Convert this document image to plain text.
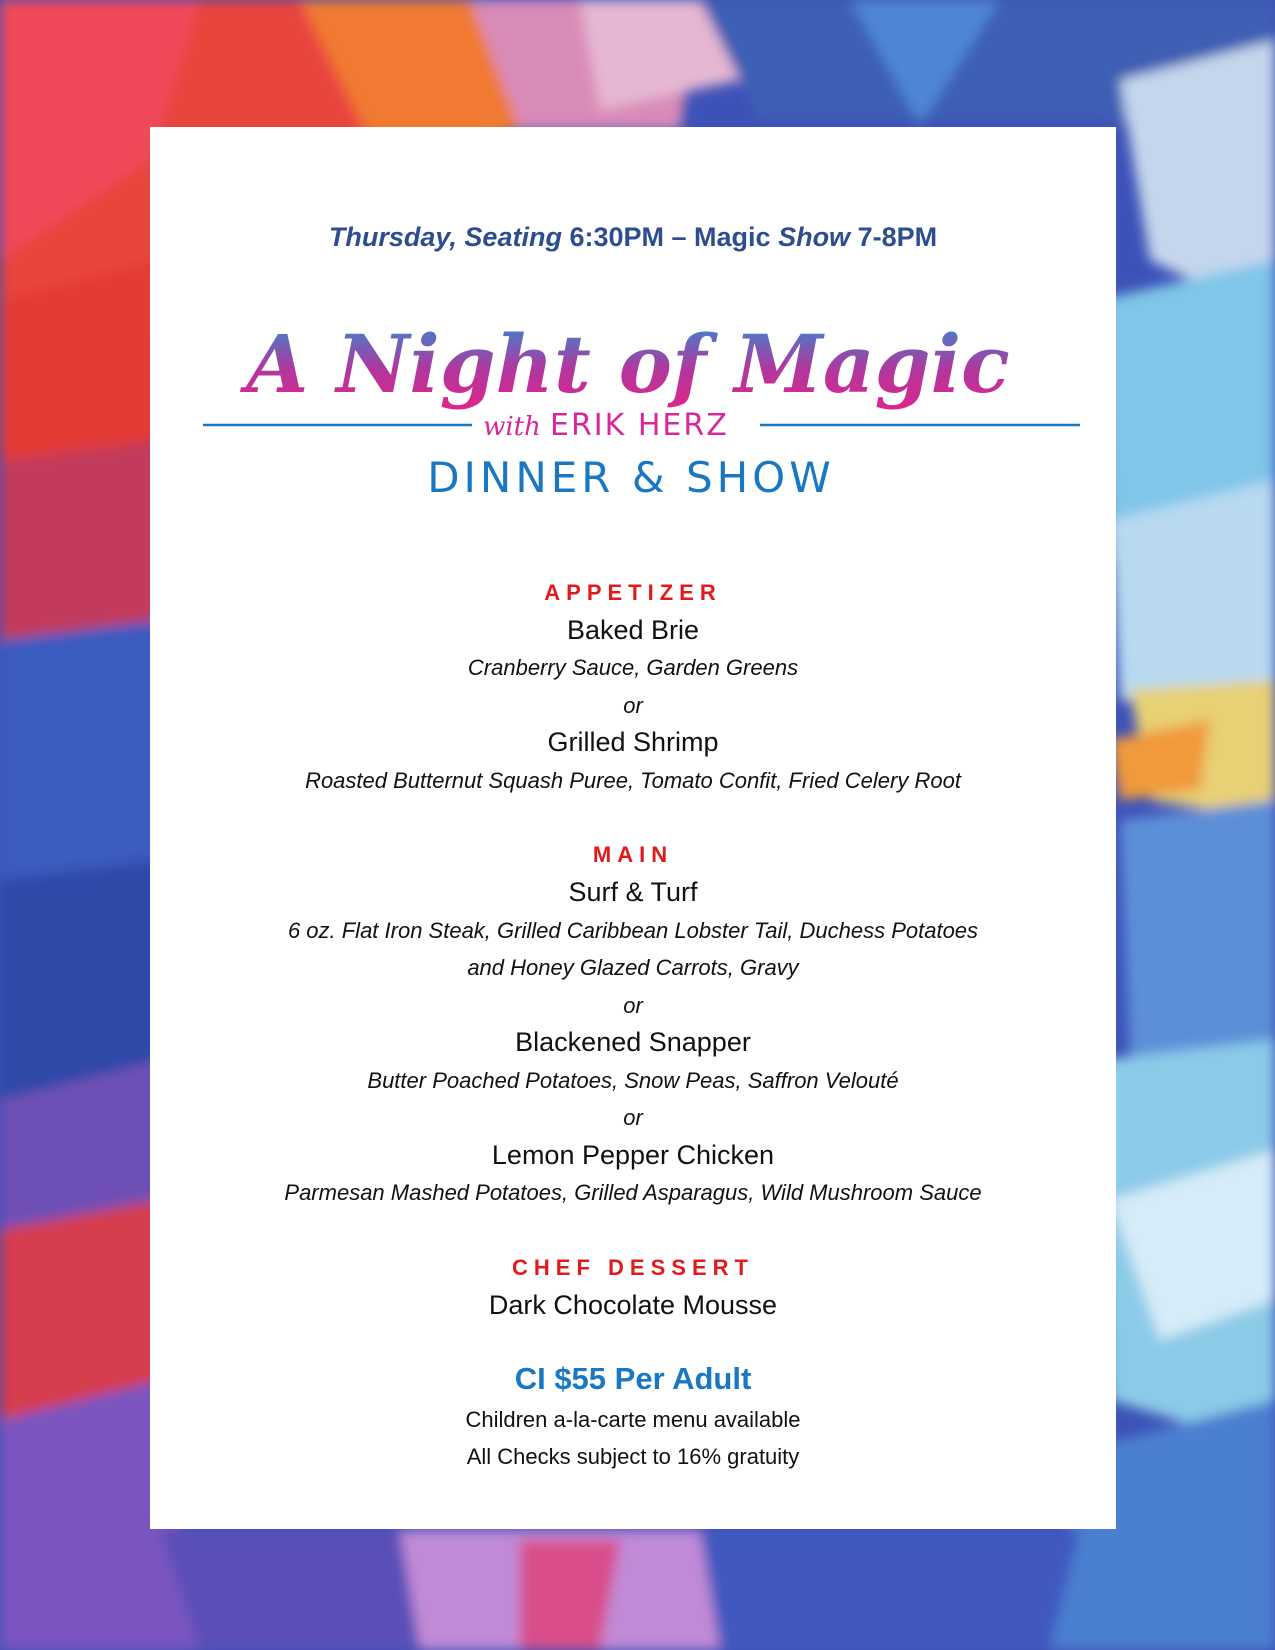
Thursday, Seating 6:30PM – Magic Show 7-8PM
A Night of Magic
with ERIK HERZ
DINNER & SHOW
APPETIZER
Baked Brie
Cranberry Sauce, Garden Greens
or
Grilled Shrimp
Roasted Butternut Squash Puree, Tomato Confit, Fried Celery Root
MAIN
Surf & Turf
6 oz. Flat Iron Steak, Grilled Caribbean Lobster Tail, Duchess Potatoes
and Honey Glazed Carrots, Gravy
or
Blackened Snapper
Butter Poached Potatoes, Snow Peas, Saffron Velouté
or
Lemon Pepper Chicken
Parmesan Mashed Potatoes, Grilled Asparagus, Wild Mushroom Sauce
CHEF DESSERT
Dark Chocolate Mousse
CI $55 Per Adult
Children a-la-carte menu available
All Checks subject to 16% gratuity
